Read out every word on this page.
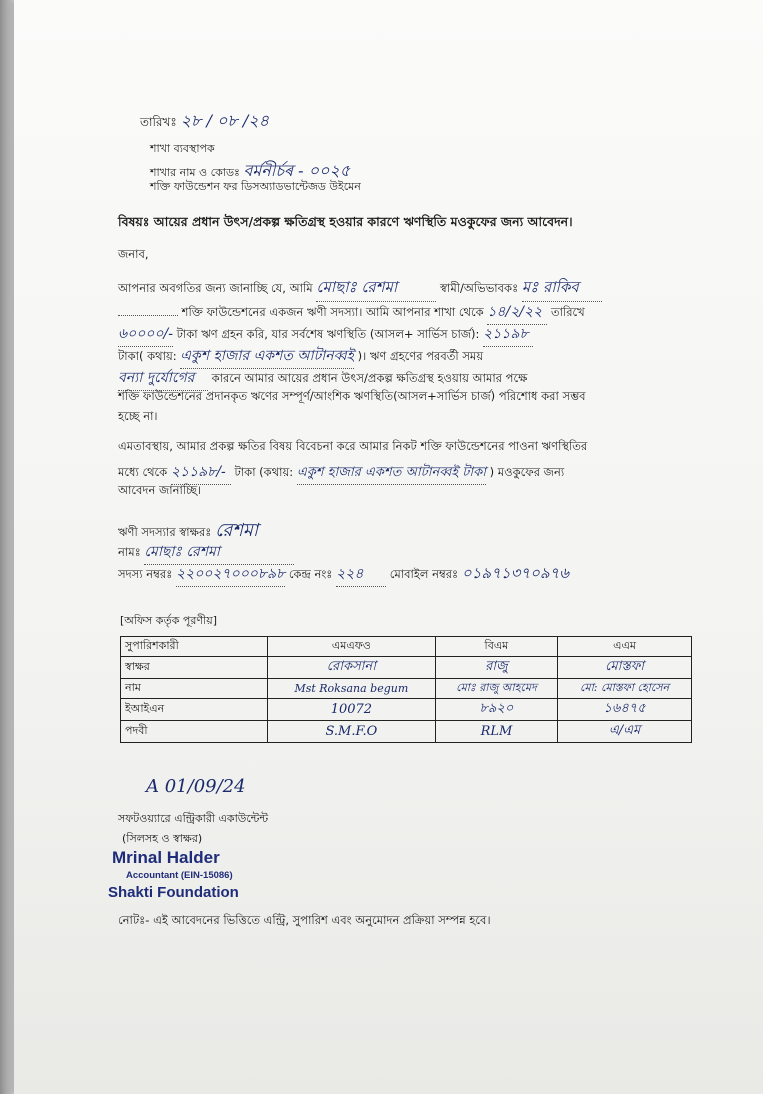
তারিখঃ ২৮ / ০৮ /২৪
শাখা ব্যবস্থাপক
শাখার নাম ও কোডঃ বর্মনীর্চৰ - ০০২৫
শক্তি ফাউন্ডেশন ফর ডিসঅ্যাডভান্টেজড উইমেন
বিষয়ঃ আয়ের প্রধান উৎস/প্রকল্প ক্ষতিগ্রস্থ হওয়ার কারণে ঋণস্থিতি মওকুফের জন্য আবেদন।
জনাব,
আপনার অবগতির জন্য জানাচ্ছি যে, আমি মোছাঃ রেশমা	স্বামী/অভিভাবকঃ মঃ রাকিব
শক্তি ফাউন্ডেশনের একজন ঋণী সদস্যা। আমি আপনার শাখা থেকে ১৪/২/২২ তারিখে
৬০০০০/- টাকা ঋণ গ্রহন করি, যার সর্বশেষ ঋণস্থিতি (আসল+ সার্ভিস চার্জ): ২১১৯৮
টাকা( কথায়: একুশ হাজার একশত আটানব্বই )। ঋণ গ্রহণের পরবর্তী সময়
বন্যা দুর্যোগের কারনে আমার আয়ের প্রধান উৎস/প্রকল্প ক্ষতিগ্রস্থ হওয়ায় আমার পক্ষে
শক্তি ফাউন্ডেশনের প্রদানকৃত ঋণের সম্পূর্ণ/আংশিক ঋণস্থিতি(আসল+সার্ভিস চার্জ) পরিশোধ করা সম্ভব
হচ্ছে না।
এমতাবস্থায়, আমার প্রকল্প ক্ষতির বিষয় বিবেচনা করে আমার নিকট শক্তি ফাউন্ডেশনের পাওনা ঋণস্থিতির
মধ্যে থেকে ২১১৯৮/- টাকা (কথায়: একুশ হাজার একশত আটানব্বই টাকা ) মওকুফের জন্য
আবেদন জানাচ্ছি।
ঋণী সদস্যার স্বাক্ষরঃ রেশমা
নামঃ মোছাঃ রেশমা
সদস্য নম্বরঃ ২২০০২৭০০০৮৯৮ কেন্দ্র নংঃ ২২৪ মোবাইল নম্বরঃ ০১৯৭১৩৭০৯৭৬
[অফিস কর্তৃক পূরণীয়]
সুপারিশকারী	এমএফও	বিএম	এএম
স্বাক্ষর	রোকসানা	রাজু	মোস্তফা
নাম	Mst Roksana begum	মোঃ রাজু আহমেদ	মো: মোস্তফা হোসেন
ইআইএন	10072	৮৯২০	১৬৪৭৫
পদবী	S.M.F.O	RLM	এ/এম
A 01/09/24
সফটওয়্যারে এন্ট্রিকারী একাউন্টেন্ট
(সিলসহ ও স্বাক্ষর)
Mrinal Halder
Accountant (EIN-15086)
Shakti Foundation
নোটঃ- এই আবেদনের ভিত্তিতে এন্ট্রি, সুপারিশ এবং অনুমোদন প্রক্রিয়া সম্পন্ন হবে।
